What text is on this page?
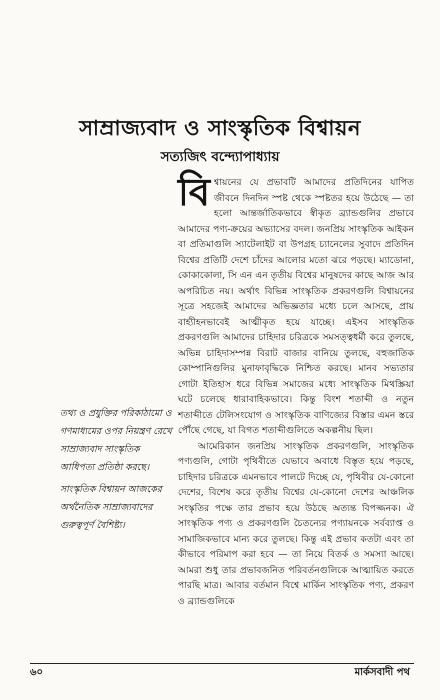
সাম্রাজ্যবাদ ও সাংস্কৃতিক বিশ্বায়ন
সত্যজিৎ বন্দ্যোপাধ্যায়

বিশ্বায়নের যে প্রভাবটি আমাদের প্রতিদিনের যাপিত জীবনে দিনদিন স্পষ্ট থেকে স্পষ্টতর হয়ে উঠেছে — তা হলো আন্তর্জাতিকভাবে স্বীকৃত ব্র্যান্ডগুলির প্রভাবে আমাদের পণ্য-ক্রয়ের অভ্যাসের বদল। জনপ্রিয় সাংস্কৃতিক আইকন বা প্রতিমাগুলি স্যাটেলাইট বা উপগ্রহ চ্যানেলের সুবাদে প্রতিদিন বিশ্বের প্রতিটি দেশে চাঁদের আলোর মতো ঝরে পড়ছে। ম্যাডোনা, কোকাকোলা, সি এন এন তৃতীয় বিশ্বের মানুষদের কাছে আজ আর অপরিচিত নয়। অর্থাৎ বিভিন্ন সাংস্কৃতিক প্রকরণগুলি বিশ্বায়নের সূত্রে সহজেই আমাদের অভিজ্ঞতার মধ্যে চলে আসছে, প্রায় বাহ্যীহনভাবেই আত্মীকৃত হয়ে যাচ্ছে। এইসব সাংস্কৃতিক প্রকরণগুলি আমাদের চাহিদার চরিত্রকে সমসত্ত্বধর্মী করে তুলছে, অভিন্ন চাহিদাসম্পন্ন বিরাট বাজার বানিয়ে তুলছে, বহুজাতিক কোম্পানিগুলির মুনাফাবৃদ্ধিকে নিশ্চিত করছে। মানব সভ্যতার গোটা ইতিহাস ধরে বিভিন্ন সমাজের মধ্যে সাংস্কৃতিক মিথস্ক্রিয়া ঘটে চলেছে ধারাবাহিকভাবে। কিন্তু বিংশ শতাব্দী ও নতুন শতাব্দীতে টেলিসংযোগ ও সাংস্কৃতিক বাণিজ্যের বিস্তার এমন স্তরে পৌঁছে গেছে, যা বিগত শতাব্দীগুলিতে অকল্পনীয় ছিল।

আমেরিকান জনপ্রিয় সাংস্কৃতিক প্রকরণগুলি, সাংস্কৃতিক পণ্যগুলি, গোটা পৃথিবীতে যেভাবে অবাধে বিস্তৃত হয়ে পড়ছে, চাহিদার চরিত্রকে এমনভাবে পালটে দিচ্ছে যে, পৃথিবীর যে-কোনো দেশের, বিশেষ করে তৃতীয় বিশ্বের যে-কোনো দেশের আঞ্চলিক সংস্কৃতির পক্ষে তার প্রভাব হয়ে উঠছে অত্যন্ত বিপজ্জনক। ঐ সাংস্কৃতিক পণ্য ও প্রকরণগুলি চৈতন্যের পণ্যায়নকে সর্বব্যাপ্ত ও সামাজিকভাবে মান্য করে তুলছে। কিন্তু এই প্রভাব কতটা এবং তা কীভাবে পরিমাপ করা হবে — তা নিয়ে বিতর্ক ও সমস্যা আছে। আমরা শুধু তার প্রভাবজনিত পরিবর্তনগুলিকে আত্মায়িত করতে পারছি মাত্র। আবার বর্তমান বিশ্বে মার্কিন সাংস্কৃতিক পণ্য, প্রকরণ ও ব্র্যান্ডগুলিকে

তথ্য ও প্রযুক্তির পরিকাঠামো ও গণমাধ্যমের ওপর নিয়ন্ত্রণ রেখে সাম্রাজ্যবাদ সাংস্কৃতিক আধিপত্য প্রতিষ্ঠা করছে।

সাংস্কৃতিক বিশ্বায়ন আজকের অর্থনৈতিক সাম্রাজ্যবাদের গুরুত্বপূর্ণ বৈশিষ্ট্য।

৬০	মার্কসবাদী পথ
